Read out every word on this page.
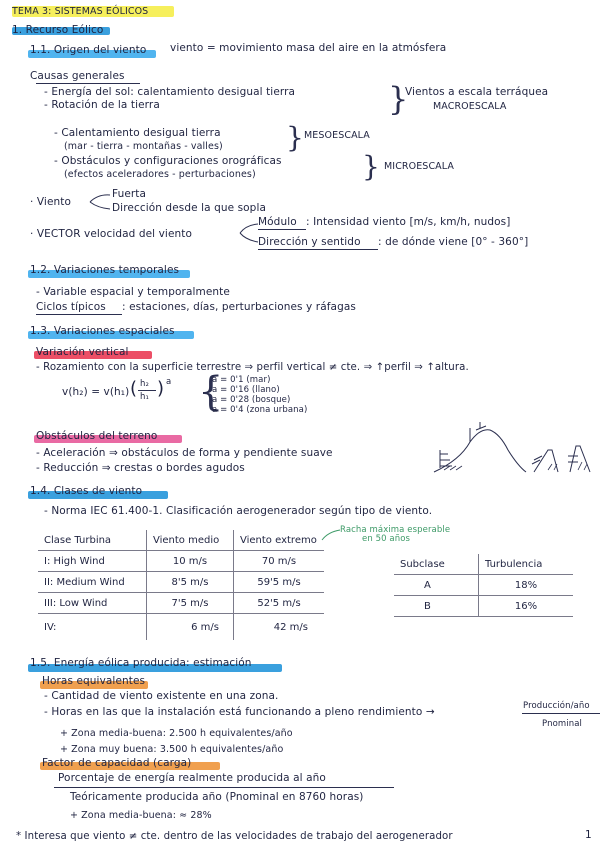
TEMA 3: SISTEMAS EÓLICOS
1. Recurso Eólico
1.1. Origen del viento viento = movimiento masa del aire en la atmósfera
Causas generales
- Energía del sol: calentamiento desigual tierra
- Rotación de la tierra	}
Vientos a escala terráquea
MACROESCALA
- Calentamiento desigual tierra
(mar - tierra - montañas - valles) } MESOESCALA
- Obstáculos y configuraciones orográficas
(efectos aceleradores - perturbaciones)	} MICROESCALA
· Viento
Fuerta
Dirección desde la que sopla
· VECTOR velocidad del viento
Módulo : Intensidad viento [m/s, km/h, nudos]
Dirección y sentido : de dónde viene [0° - 360°]
1.2. Variaciones temporales
- Variable espacial y temporalmente
Ciclos típicos : estaciones, días, perturbaciones y ráfagas
1.3. Variaciones espaciales
Variación vertical
- Rozamiento con la superficie terrestre ⇒ perfil vertical ≠ cte. ⇒ ↑perfil ⇒ ↑altura.
v(h₂) = v(h₁) ( h₂
h₁ ) a {
a = 0'1 (mar)
a = 0'16 (llano)
a = 0'28 (bosque)
a = 0'4 (zona urbana)
Obstáculos del terreno
- Aceleración ⇒ obstáculos de forma y pendiente suave
- Reducción ⇒ crestas o bordes agudos
1.4. Clases de viento
- Norma IEC 61.400-1. Clasificación aerogenerador según tipo de viento.
Racha máxima esperable
en 50 años
Clase Turbina	Viento medio	Viento extremo
I: High Wind	10 m/s	70 m/s
II: Medium Wind	8'5 m/s	59'5 m/s
III: Low Wind	7'5 m/s	52'5 m/s
IV:	6 m/s	42 m/s
Subclase	Turbulencia
A	18%
B	16%
1.5. Energía eólica producida: estimación
Horas equivalentes
- Cantidad de viento existente en una zona.
- Horas en las que la instalación está funcionando a pleno rendimiento →	Producción/año
Pnominal
+ Zona media-buena: 2.500 h equivalentes/año
+ Zona muy buena: 3.500 h equivalentes/año
Factor de capacidad (carga)
Porcentaje de energía realmente producida al año
Teóricamente producida año (Pnominal en 8760 horas)
+ Zona media-buena: ≈ 28%
* Interesa que viento ≠ cte. dentro de las velocidades de trabajo del aerogenerador	1
